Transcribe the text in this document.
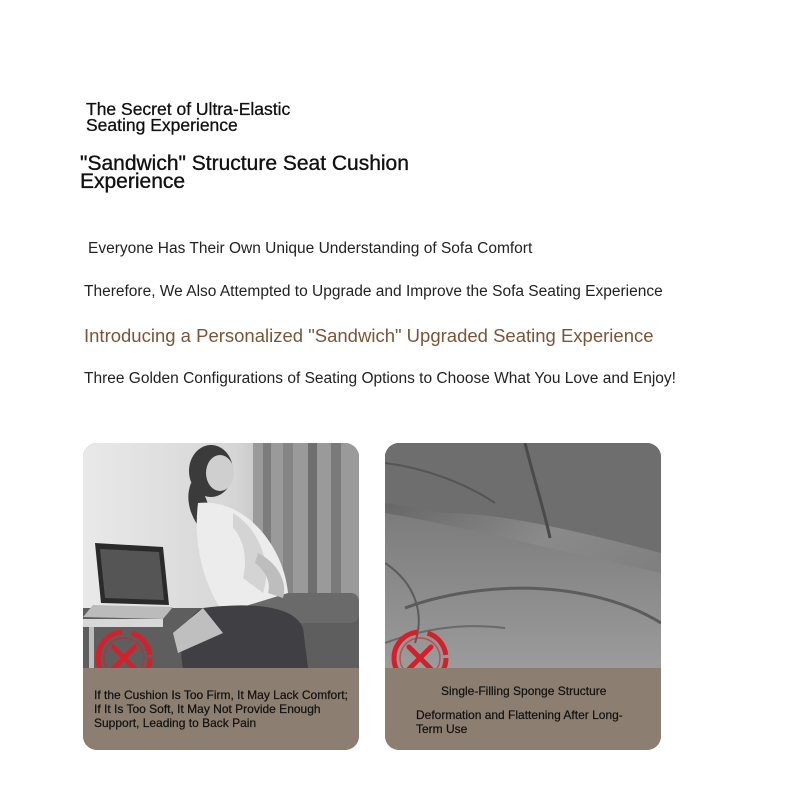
The Secret of Ultra-Elastic
Seating Experience
"Sandwich" Structure Seat Cushion
Experience
Everyone Has Their Own Unique Understanding of Sofa Comfort
Therefore, We Also Attempted to Upgrade and Improve the Sofa Seating Experience
Introducing a Personalized "Sandwich" Upgraded Seating Experience
Three Golden Configurations of Seating Options to Choose What You Love and Enjoy!
If the Cushion Is Too Firm, It May Lack Comfort; If It Is Too Soft, It May Not Provide Enough Support, Leading to Back Pain
Single-Filling Sponge Structure
Deformation and Flattening After Long-Term Use
